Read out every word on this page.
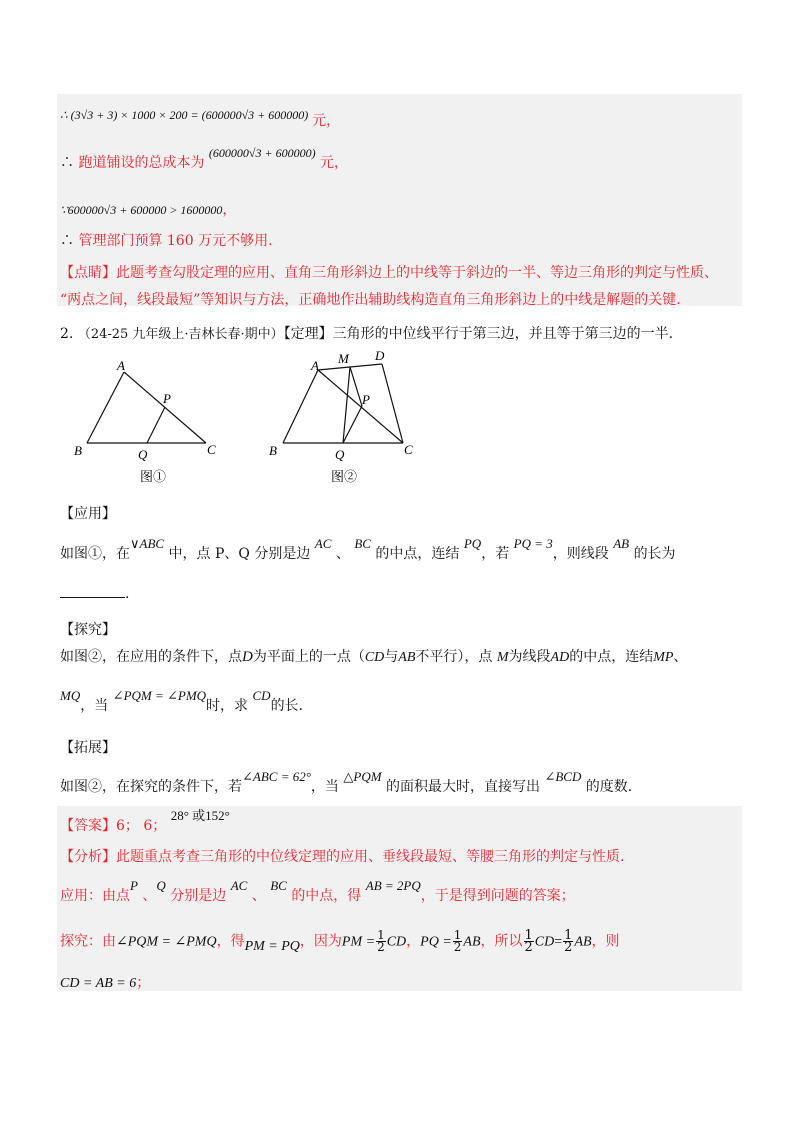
∴ (3√3 + 3) × 1000 × 200 = (600000√3 + 600000) 元，
∴ 跑道铺设的总成本为 (600000√3 + 600000) 元，
∵600000√3 + 600000 > 1600000，
∴ 管理部门预算 160 万元不够用.
【点睛】此题考查勾股定理的应用、直角三角形斜边上的中线等于斜边的一半、等边三角形的判定与性质、
“两点之间，线段最短”等知识与方法，正确地作出辅助线构造直角三角形斜边上的中线是解题的关键.
2. （24-25 九年级上·吉林长春·期中）【定理】三角形的中位线平行于第三边，并且等于第三边的一半.
A
P
B	Q	C
图①
A M D
P
B	Q	C
图②
【应用】
如图①，在∨ABC 中，点 P、Q 分别是边 AC 、 BC 的中点，连结 PQ，若 PQ = 3，则线段 AB 的长为
.
【探究】
如图②，在应用的条件下，点D为平面上的一点（CD与AB不平行），点 M为线段AD的中点，连结MP、
MQ，当 ∠PQM = ∠PMQ时，求 CD的长.
【拓展】
如图②，在探究的条件下，若∠ABC = 62°，当 △PQM 的面积最大时，直接写出 ∠BCD 的度数.
【答案】6； 6； 28° 或152°
【分析】此题重点考查三角形的中位线定理的应用、垂线段最短、等腰三角形的判定与性质.
应用：由点P 、Q 分别是边 AC 、 BC 的中点，得 AB = 2PQ，于是得到问题的答案；
探究：由∠PQM = ∠PMQ，得PM = PQ，因为PM = $\frac{1}{2}$ CD，PQ = $\frac{1}{2}$ AB，所以 $\frac{1}{2} CD= \frac{1}{2}$ AB，则
CD = AB = 6；
